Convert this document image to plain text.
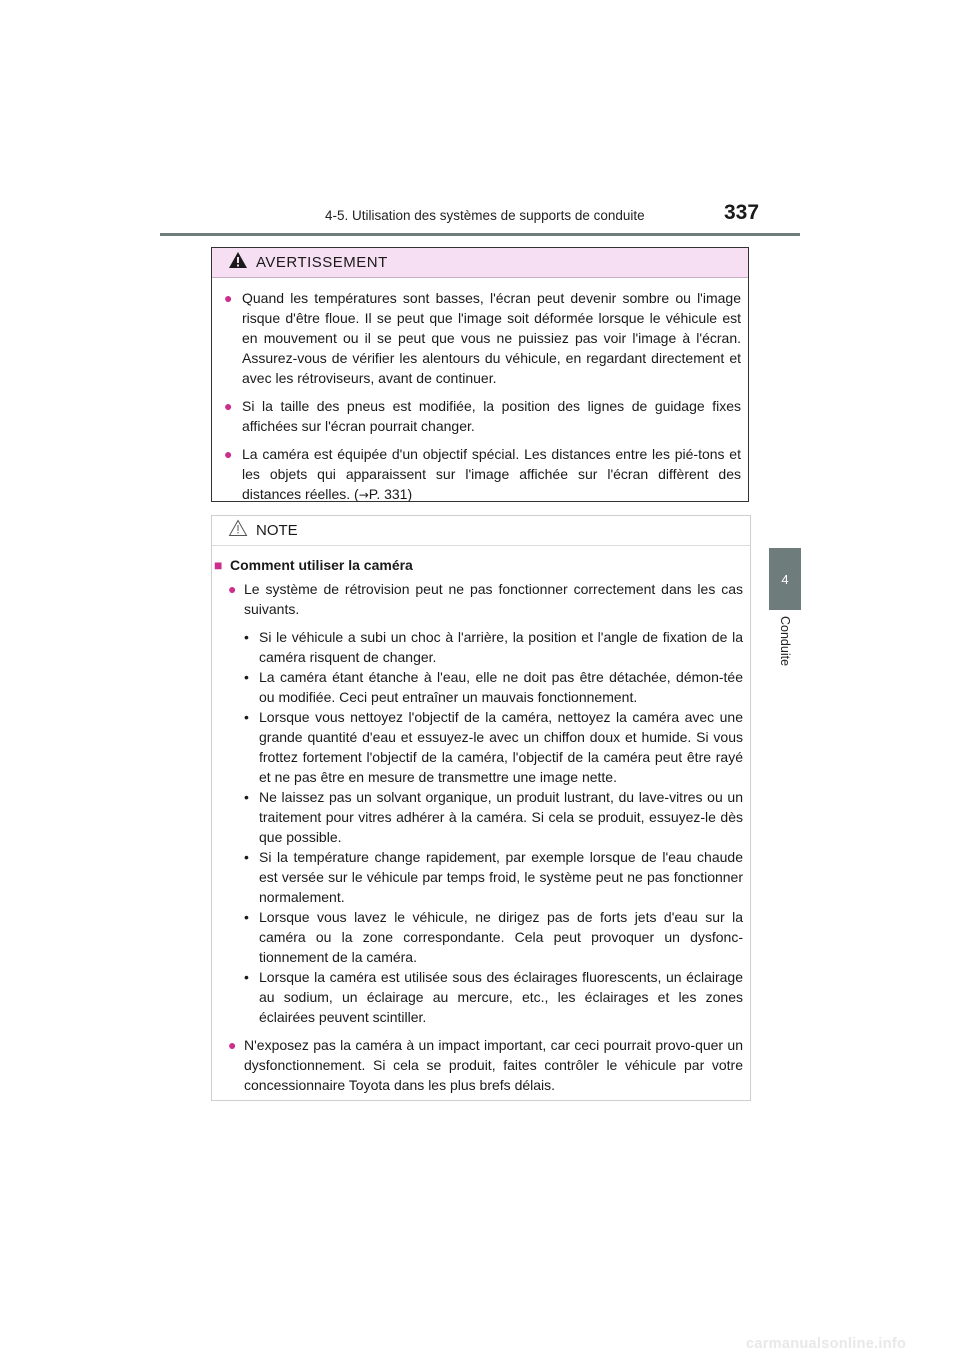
4-5. Utilisation des systèmes de supports de conduite	337
4
Conduite
AVERTISSEMENT
● Quand les températures sont basses, l'écran peut devenir sombre ou l'image risque d'être floue. Il se peut que l'image soit déformée lorsque le véhicule est en mouvement ou il se peut que vous ne puissiez pas voir l'image à l'écran. Assurez-vous de vérifier les alentours du véhicule, en regardant directement et avec les rétroviseurs, avant de continuer.
● Si la taille des pneus est modifiée, la position des lignes de guidage fixes affichées sur l'écran pourrait changer.
● La caméra est équipée d'un objectif spécial. Les distances entre les pié-tons et les objets qui apparaissent sur l'image affichée sur l'écran diffèrent des distances réelles. (→P. 331)
NOTE
■ Comment utiliser la caméra
● Le système de rétrovision peut ne pas fonctionner correctement dans les cas suivants.
• Si le véhicule a subi un choc à l'arrière, la position et l'angle de fixation de la caméra risquent de changer.
• La caméra étant étanche à l'eau, elle ne doit pas être détachée, démon-tée ou modifiée. Ceci peut entraîner un mauvais fonctionnement.
• Lorsque vous nettoyez l'objectif de la caméra, nettoyez la caméra avec une grande quantité d'eau et essuyez-le avec un chiffon doux et humide. Si vous frottez fortement l'objectif de la caméra, l'objectif de la caméra peut être rayé et ne pas être en mesure de transmettre une image nette.
• Ne laissez pas un solvant organique, un produit lustrant, du lave-vitres ou un traitement pour vitres adhérer à la caméra. Si cela se produit, essuyez-le dès que possible.
• Si la température change rapidement, par exemple lorsque de l'eau chaude est versée sur le véhicule par temps froid, le système peut ne pas fonctionner normalement.
• Lorsque vous lavez le véhicule, ne dirigez pas de forts jets d'eau sur la caméra ou la zone correspondante. Cela peut provoquer un dysfonc-tionnement de la caméra.
• Lorsque la caméra est utilisée sous des éclairages fluorescents, un éclairage au sodium, un éclairage au mercure, etc., les éclairages et les zones éclairées peuvent scintiller.
● N'exposez pas la caméra à un impact important, car ceci pourrait provo-quer un dysfonctionnement. Si cela se produit, faites contrôler le véhicule par votre concessionnaire Toyota dans les plus brefs délais.
carmanualsonline.info
